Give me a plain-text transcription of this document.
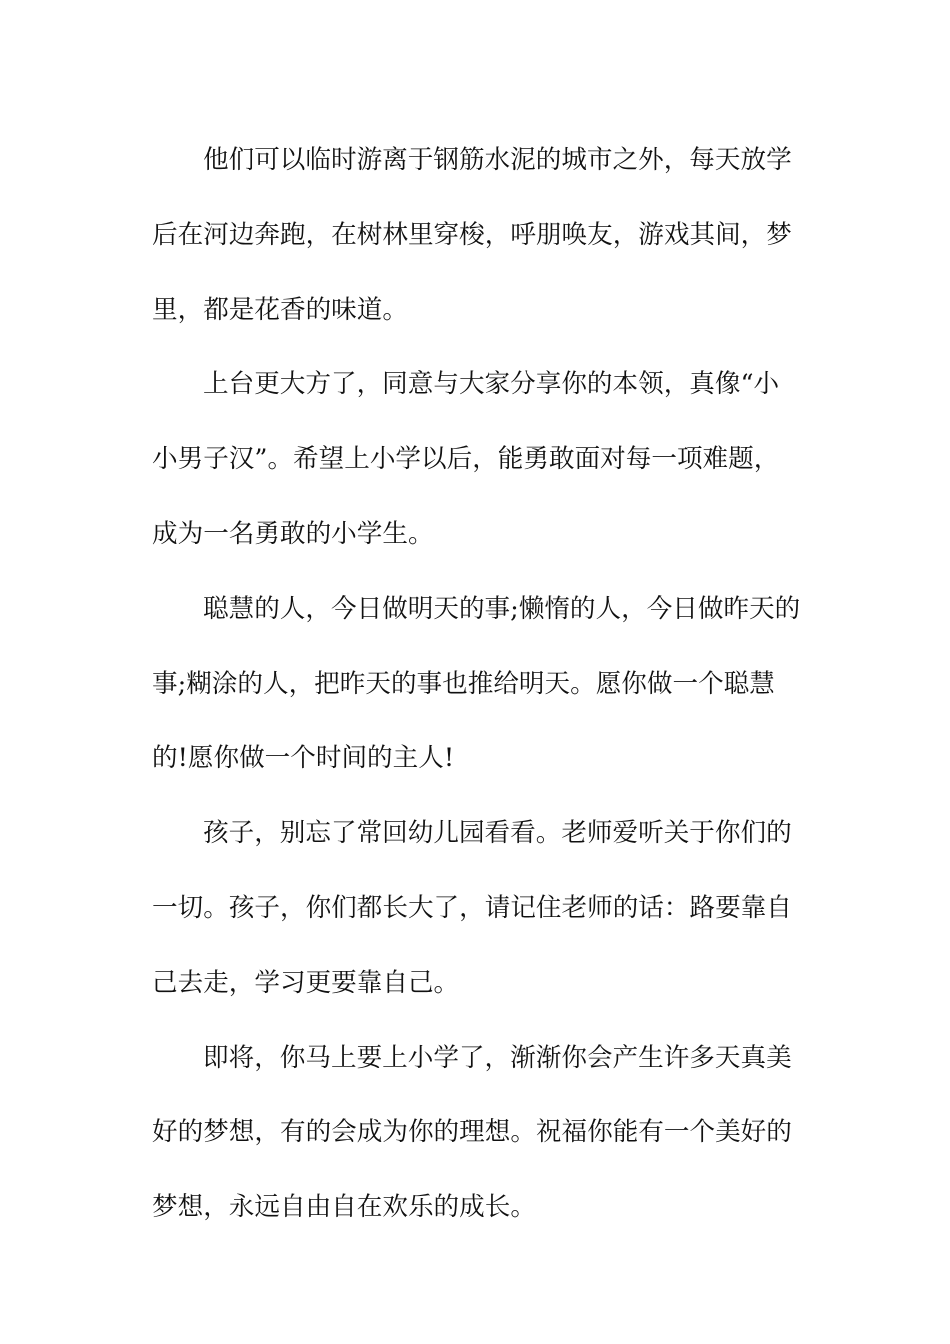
他们可以临时游离于钢筋水泥的城市之外，每天放学
后在河边奔跑，在树林里穿梭，呼朋唤友，游戏其间，梦
里，都是花香的味道。
上台更大方了，同意与大家分享你的本领，真像“小
小男子汉”。希望上小学以后，能勇敢面对每一项难题，
成为一名勇敢的小学生。
聪慧的人，今日做明天的事;懒惰的人，今日做昨天的
事;糊涂的人，把昨天的事也推给明天。愿你做一个聪慧
的!愿你做一个时间的主人!
孩子，别忘了常回幼儿园看看。老师爱听关于你们的
一切。孩子，你们都长大了，请记住老师的话：路要靠自
己去走，学习更要靠自己。
即将，你马上要上小学了，渐渐你会产生许多天真美
好的梦想，有的会成为你的理想。祝福你能有一个美好的
梦想，永远自由自在欢乐的成长。
